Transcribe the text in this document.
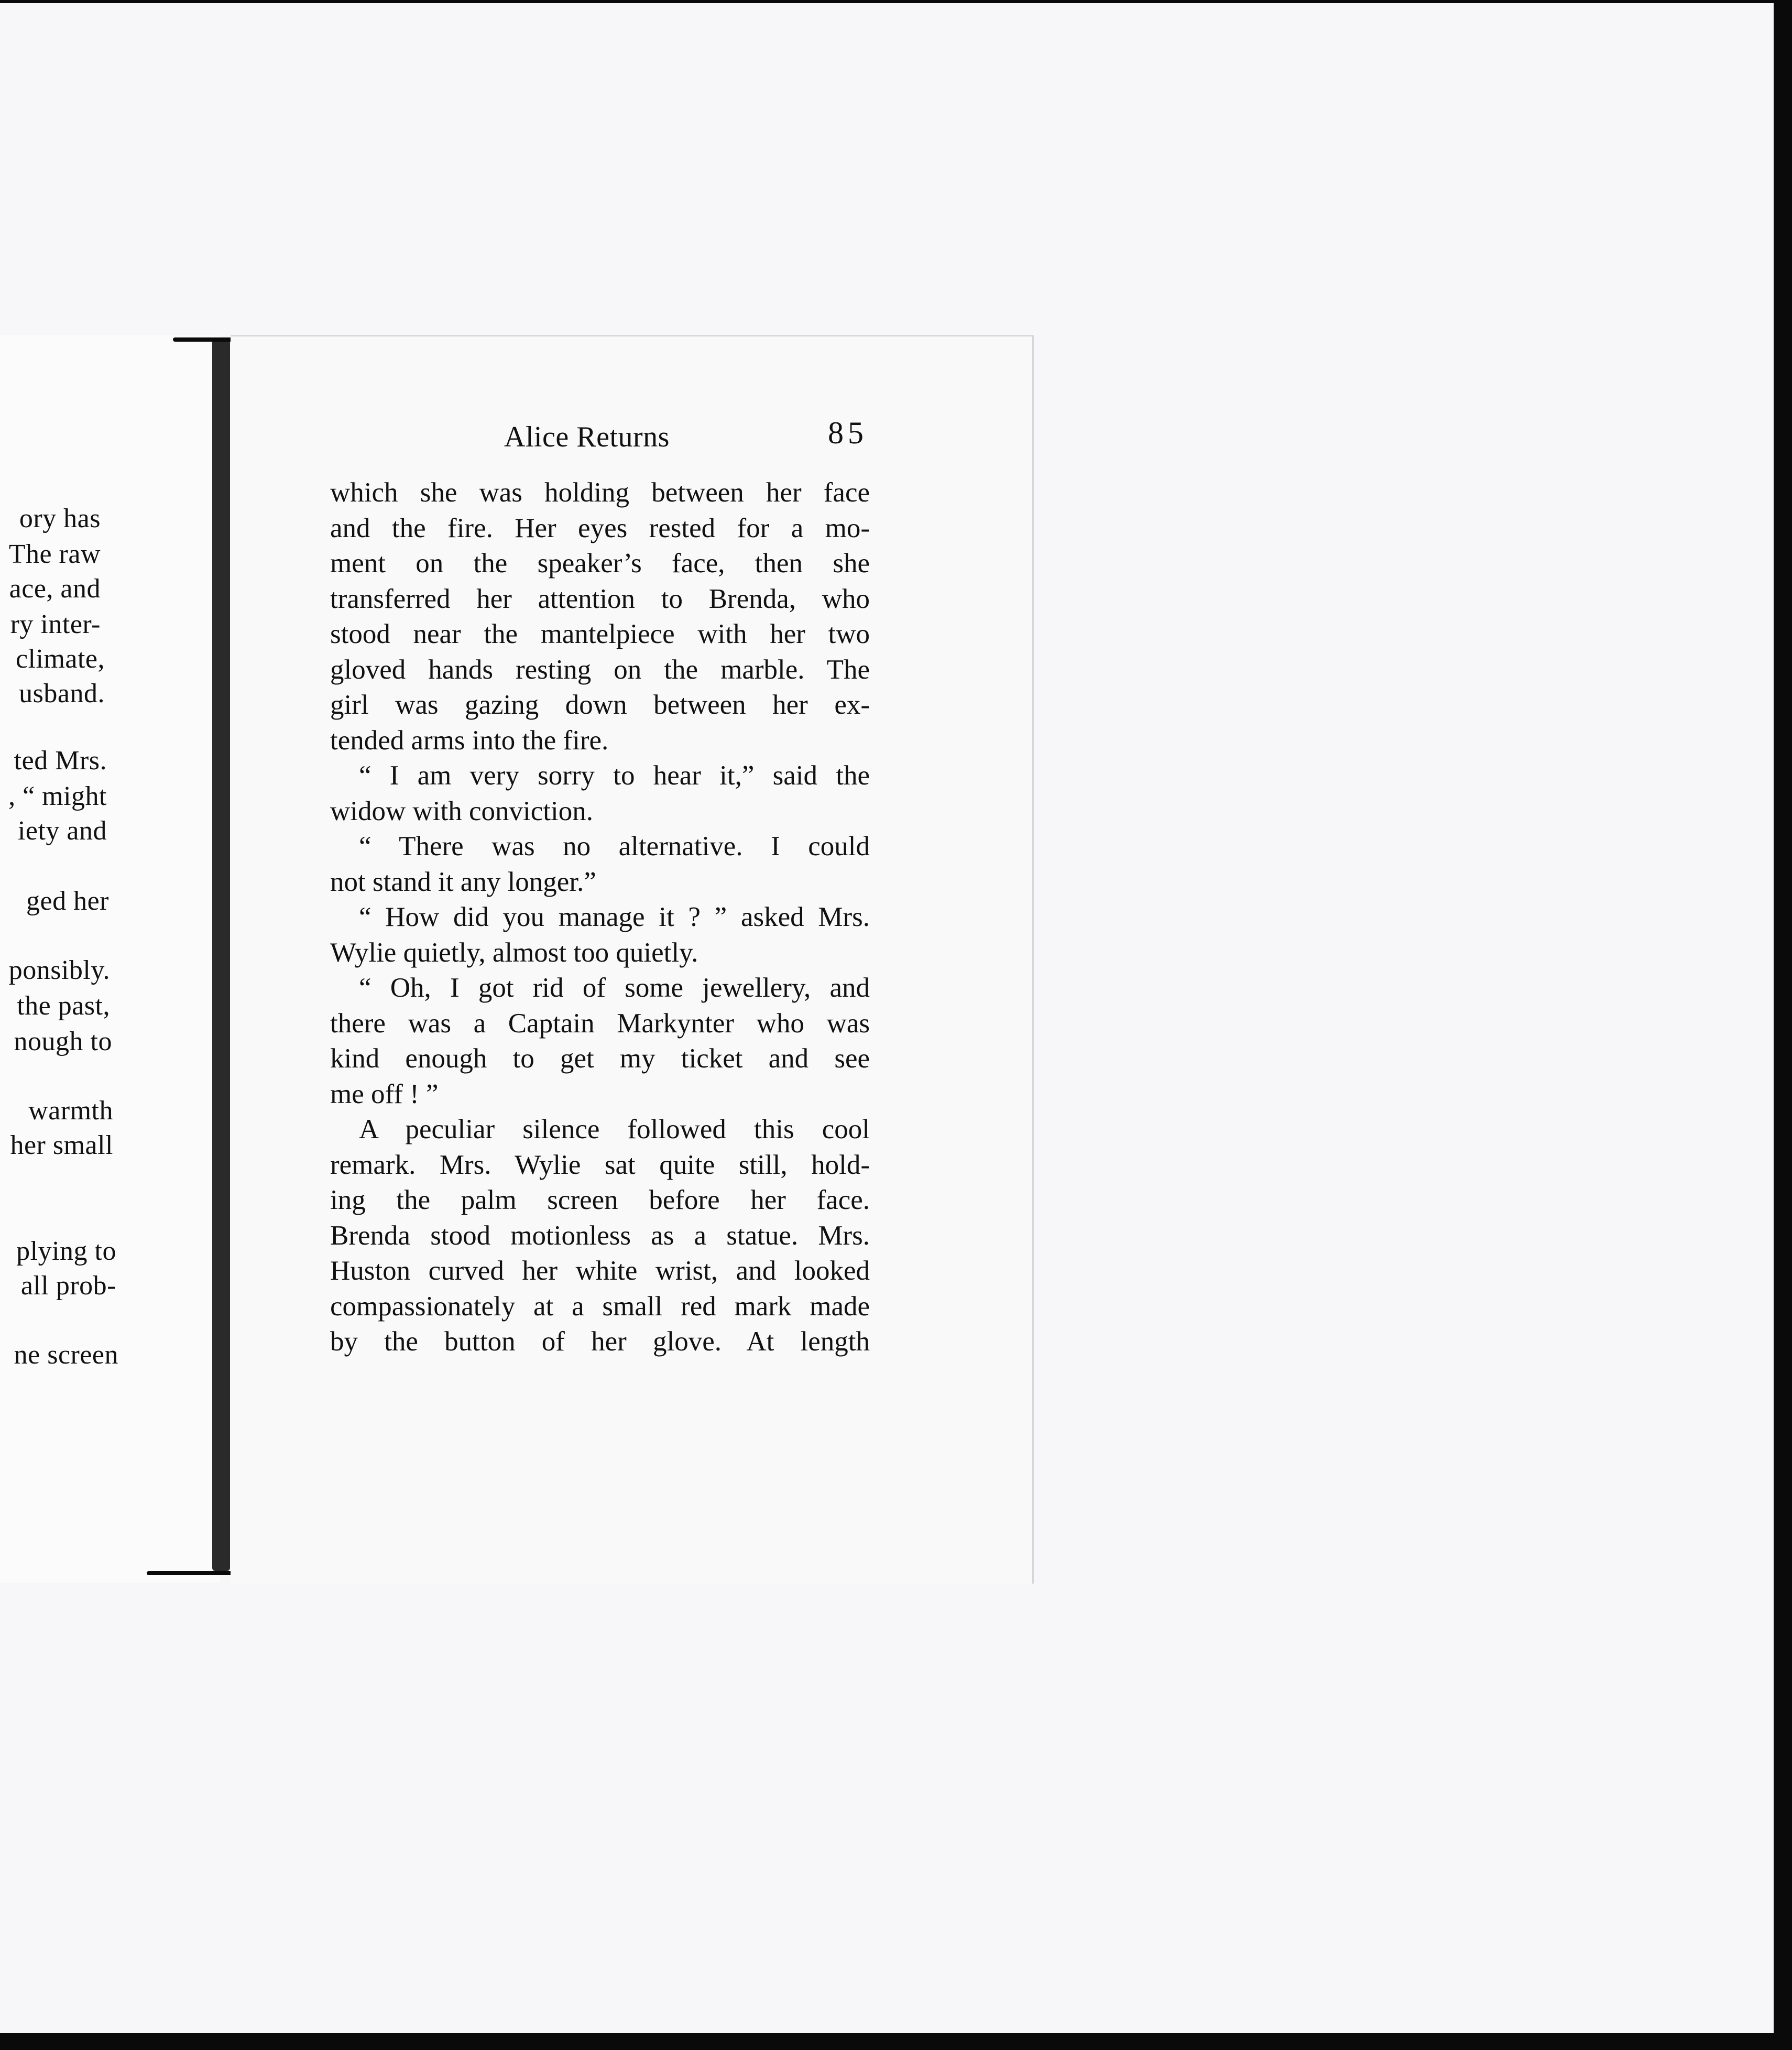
ory has
The raw
ace, and
ry inter-
climate,
usband.
ted Mrs.
, “ might
iety and
ged her
ponsibly.
the past,
nough to
warmth
her small
plying to
all prob-
ne screen
Alice Returns	85
which she was holding between her face
and the fire. Her eyes rested for a mo-
ment on the speaker’s face, then she
transferred her attention to Brenda, who
stood near the mantelpiece with her two
gloved hands resting on the marble. The
girl was gazing down between her ex-
tended arms into the fire.
“ I am very sorry to hear it,” said the
widow with conviction.
“ There was no alternative. I could
not stand it any longer.”
“ How did you manage it ? ” asked Mrs.
Wylie quietly, almost too quietly.
“ Oh, I got rid of some jewellery, and
there was a Captain Markynter who was
kind enough to get my ticket and see
me off ! ”
A peculiar silence followed this cool
remark. Mrs. Wylie sat quite still, hold-
ing the palm screen before her face.
Brenda stood motionless as a statue. Mrs.
Huston curved her white wrist, and looked
compassionately at a small red mark made
by the button of her glove. At length
